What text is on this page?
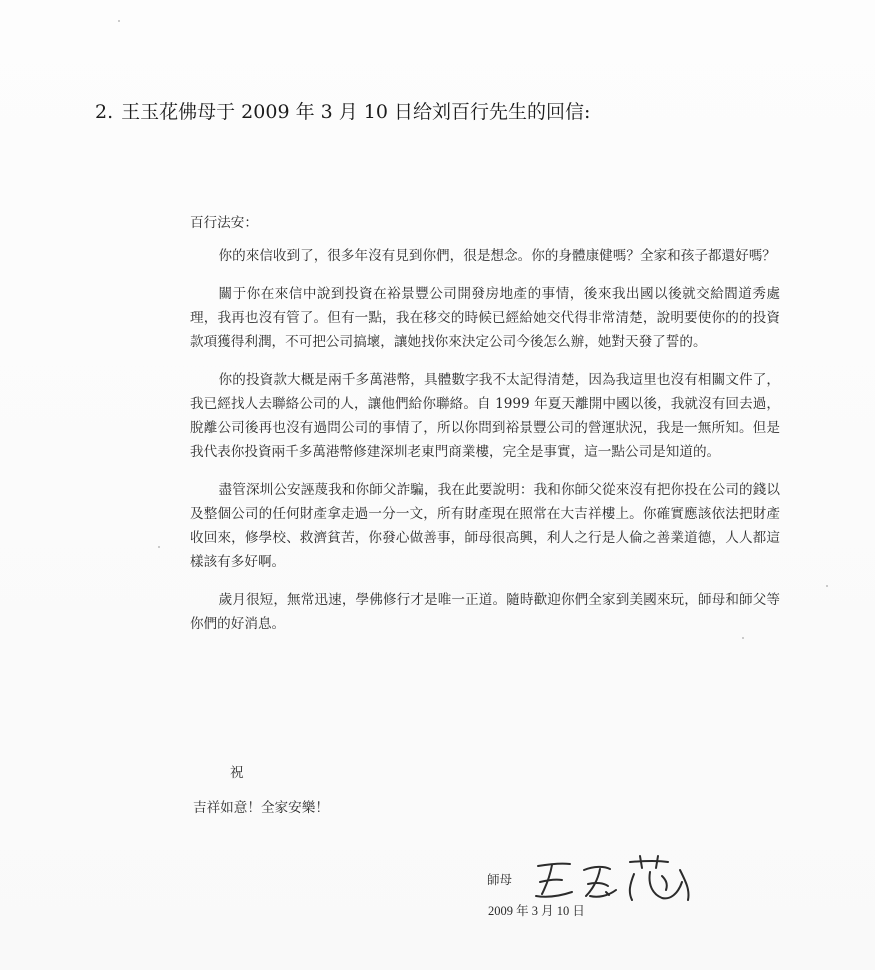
2. 王玉花佛母于 2009 年 3 月 10 日给刘百行先生的回信:
百行法安：

你的來信收到了，很多年沒有見到你們，很是想念。你的身體康健嗎？全家和孩子都還好嗎？

關于你在來信中說到投資在裕景豐公司開發房地產的事情，後來我出國以後就交給閻道秀處理，我再也沒有管了。但有一點，我在移交的時候已經給她交代得非常清楚，說明要使你的的投資款項獲得利潤，不可把公司搞壞，讓她找你來決定公司今後怎么辦，她對天發了誓的。

你的投資款大概是兩千多萬港幣，具體數字我不太記得清楚，因為我這里也沒有相關文件了，我已經找人去聯絡公司的人，讓他們給你聯絡。自 1999 年夏天離開中國以後，我就沒有回去過，脫離公司後再也沒有過問公司的事情了，所以你問到裕景豐公司的營運狀況，我是一無所知。但是我代表你投資兩千多萬港幣修建深圳老東門商業樓，完全是事實，這一點公司是知道的。

盡管深圳公安誣蔑我和你師父詐騙，我在此要說明：我和你師父從來沒有把你投在公司的錢以及整個公司的任何財產拿走過一分一文，所有財產現在照常在大吉祥樓上。你確實應該依法把財產收回來，修學校、救濟貧苦，你發心做善事，師母很高興，利人之行是人倫之善業道德，人人都這樣該有多好啊。

歲月很短，無常迅速，學佛修行才是唯一正道。隨時歡迎你們全家到美國來玩，師母和師父等你們的好消息。

祝
吉祥如意！全家安樂！
師母
2009 年 3 月 10 日
